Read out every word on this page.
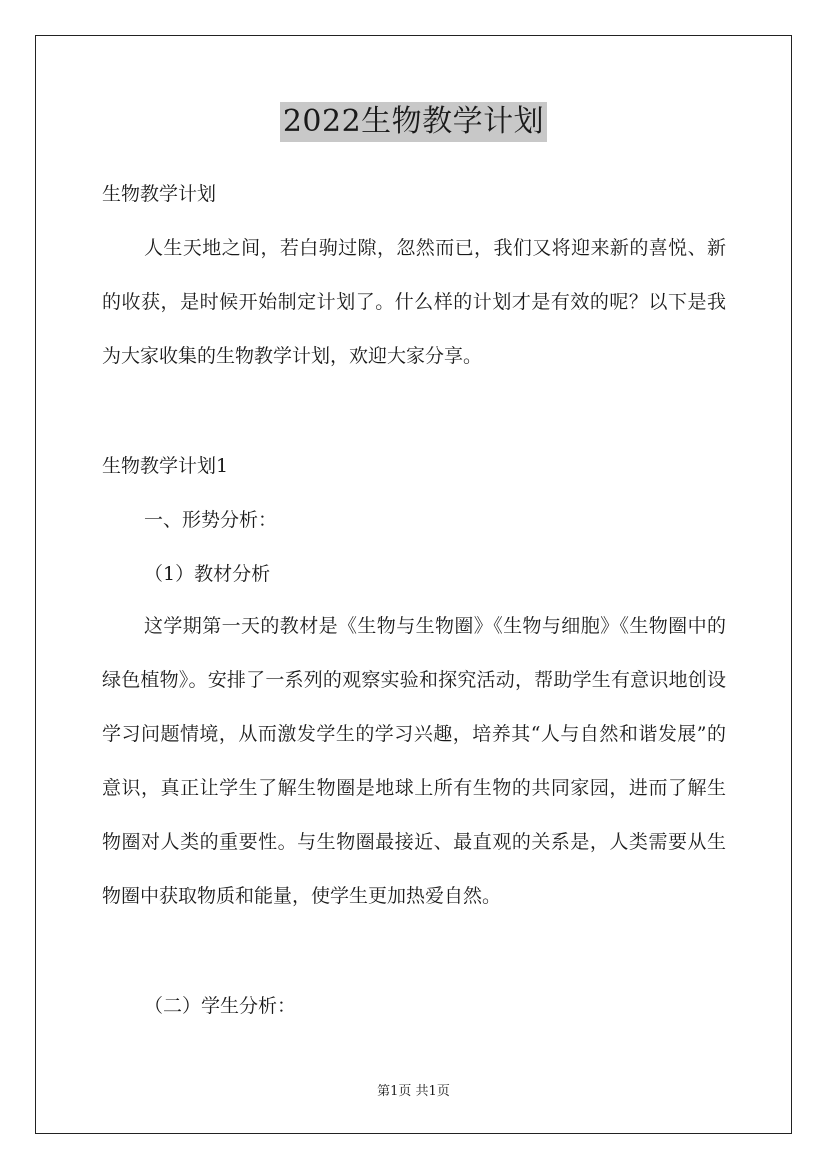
2022生物教学计划
生物教学计划
人生天地之间，若白驹过隙，忽然而已，我们又将迎来新的喜悦、新的收获，是时候开始制定计划了。什么样的计划才是有效的呢？以下是我为大家收集的生物教学计划，欢迎大家分享。
生物教学计划1
一、形势分析：
（1）教材分析
这学期第一天的教材是《生物与生物圈》《生物与细胞》《生物圈中的绿色植物》。安排了一系列的观察实验和探究活动，帮助学生有意识地创设学习问题情境，从而激发学生的学习兴趣，培养其“人与自然和谐发展”的意识，真正让学生了解生物圈是地球上所有生物的共同家园，进而了解生物圈对人类的重要性。与生物圈最接近、最直观的关系是，人类需要从生物圈中获取物质和能量，使学生更加热爱自然。
（二）学生分析：
第1页 共1页
